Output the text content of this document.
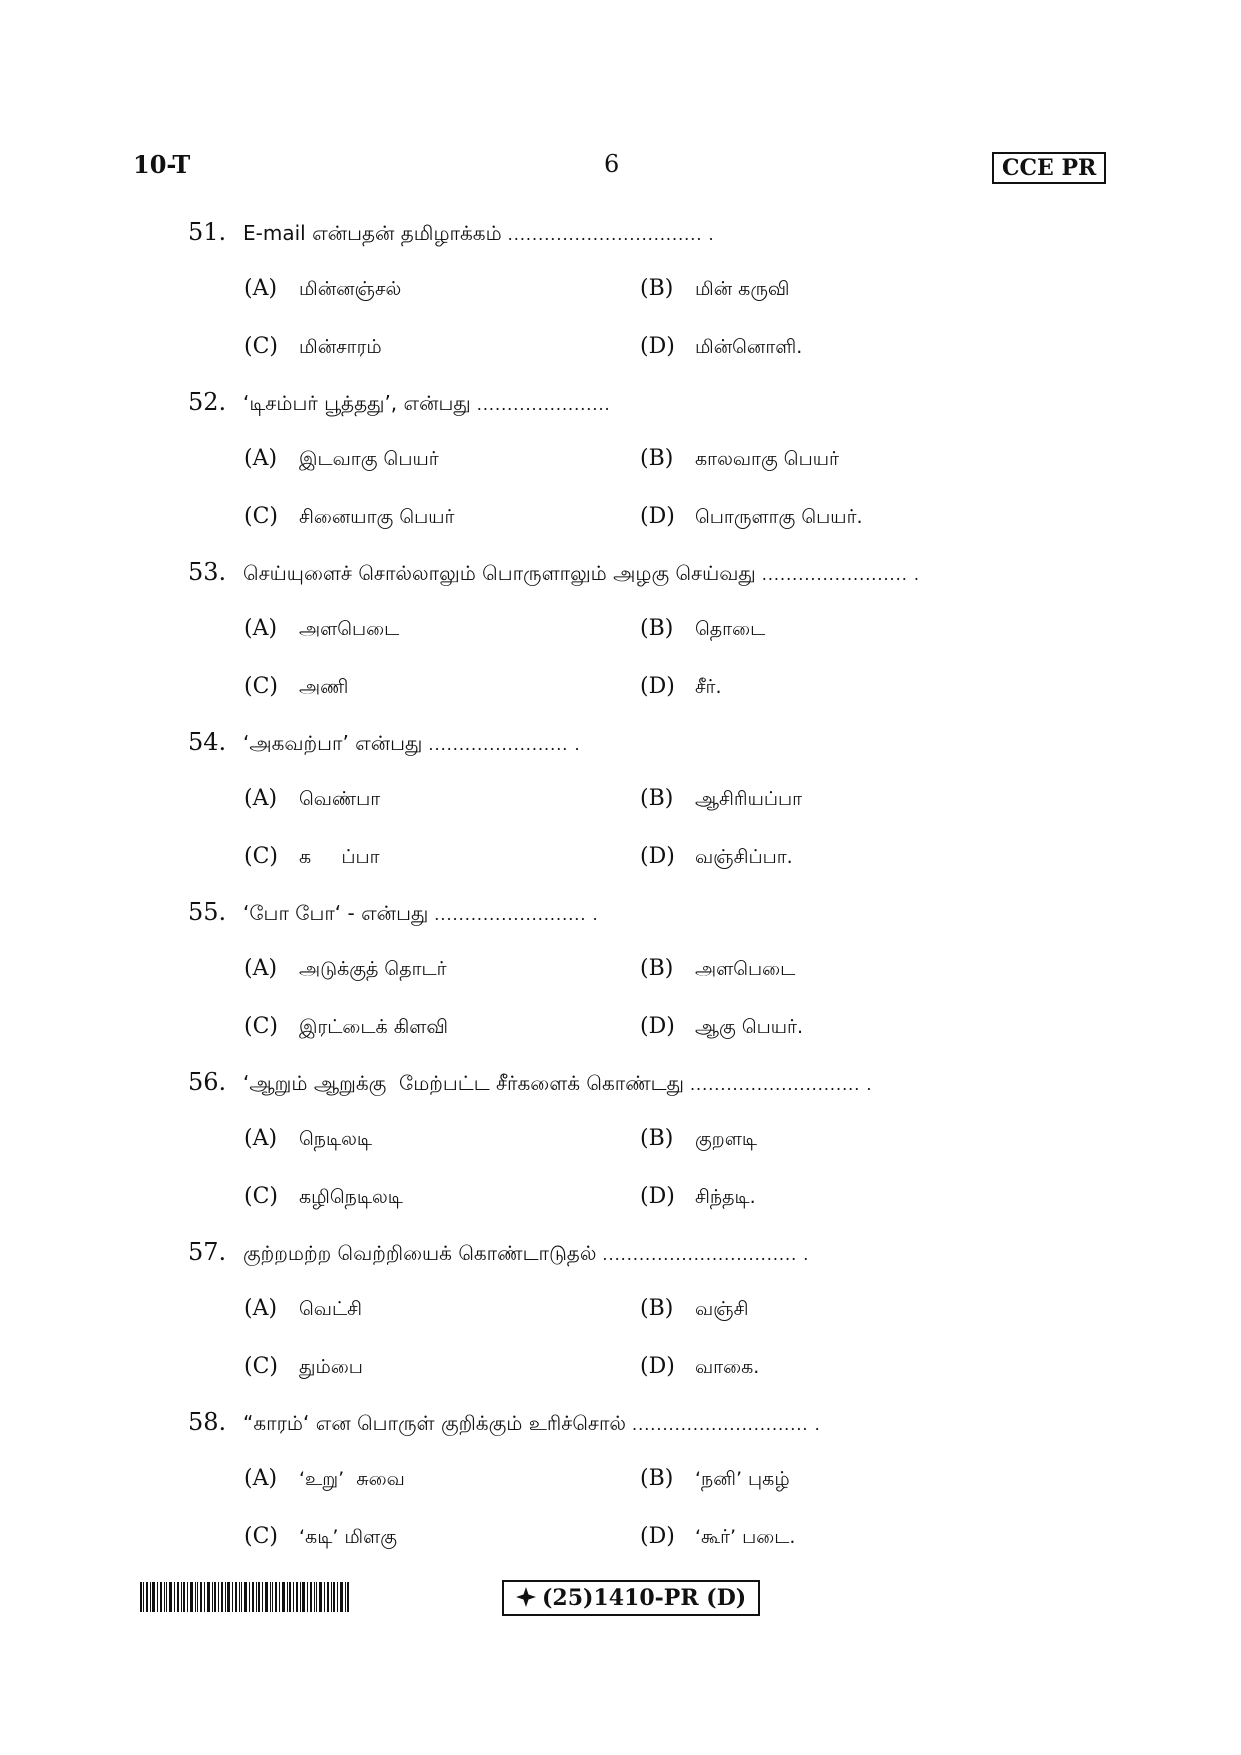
10-T	6	CCE PR
51. E-mail என்பதன் தமிழாக்கம் ................................ .
(A) மின்னஞ்சல்	(B) மின் கருவி
(C) மின்சாரம்	(D) மின்னொளி.
52. ‘டிசம்பர் பூத்தது’, என்பது ......................
(A) இடவாகு பெயர்	(B) காலவாகு பெயர்
(C) சினையாகு பெயர்	(D) பொருளாகு பெயர்.
53. செய்யுளைச் சொல்லாலும் பொருளாலும் அழகு செய்வது ........................ .
(A) அளபெடை	(B) தொடை
(C) அணி	(D) சீர்.
54. ‘அகவற்பா’ என்பது ....................... .
(A) வெண்பா	(B) ஆசிரியப்பா
(C) க     ப்பா	(D) வஞ்சிப்பா.
55. ‘போ போ‘ - என்பது ......................... .
(A) அடுக்குத் தொடர்	(B) அளபெடை
(C) இரட்டைக் கிளவி	(D) ஆகு பெயர்.
56. ‘ஆறும் ஆறுக்கு  மேற்பட்ட சீர்களைக் கொண்டது ............................ .
(A) நெடிலடி	(B) குறளடி
(C) கழிநெடிலடி	(D) சிந்தடி.
57. குற்றமற்ற வெற்றியைக் கொண்டாடுதல் ................................ .
(A) வெட்சி	(B) வஞ்சி
(C) தும்பை	(D) வாகை.
58. “காரம்‘ என பொருள் குறிக்கும் உரிச்சொல் ............................. .
(A) ‘உறு’  சுவை	(B) ‘நனி’ புகழ்
(C) ‘கடி’ மிளகு	(D) ‘கூர்’ படை.
(25)1410-PR (D)
